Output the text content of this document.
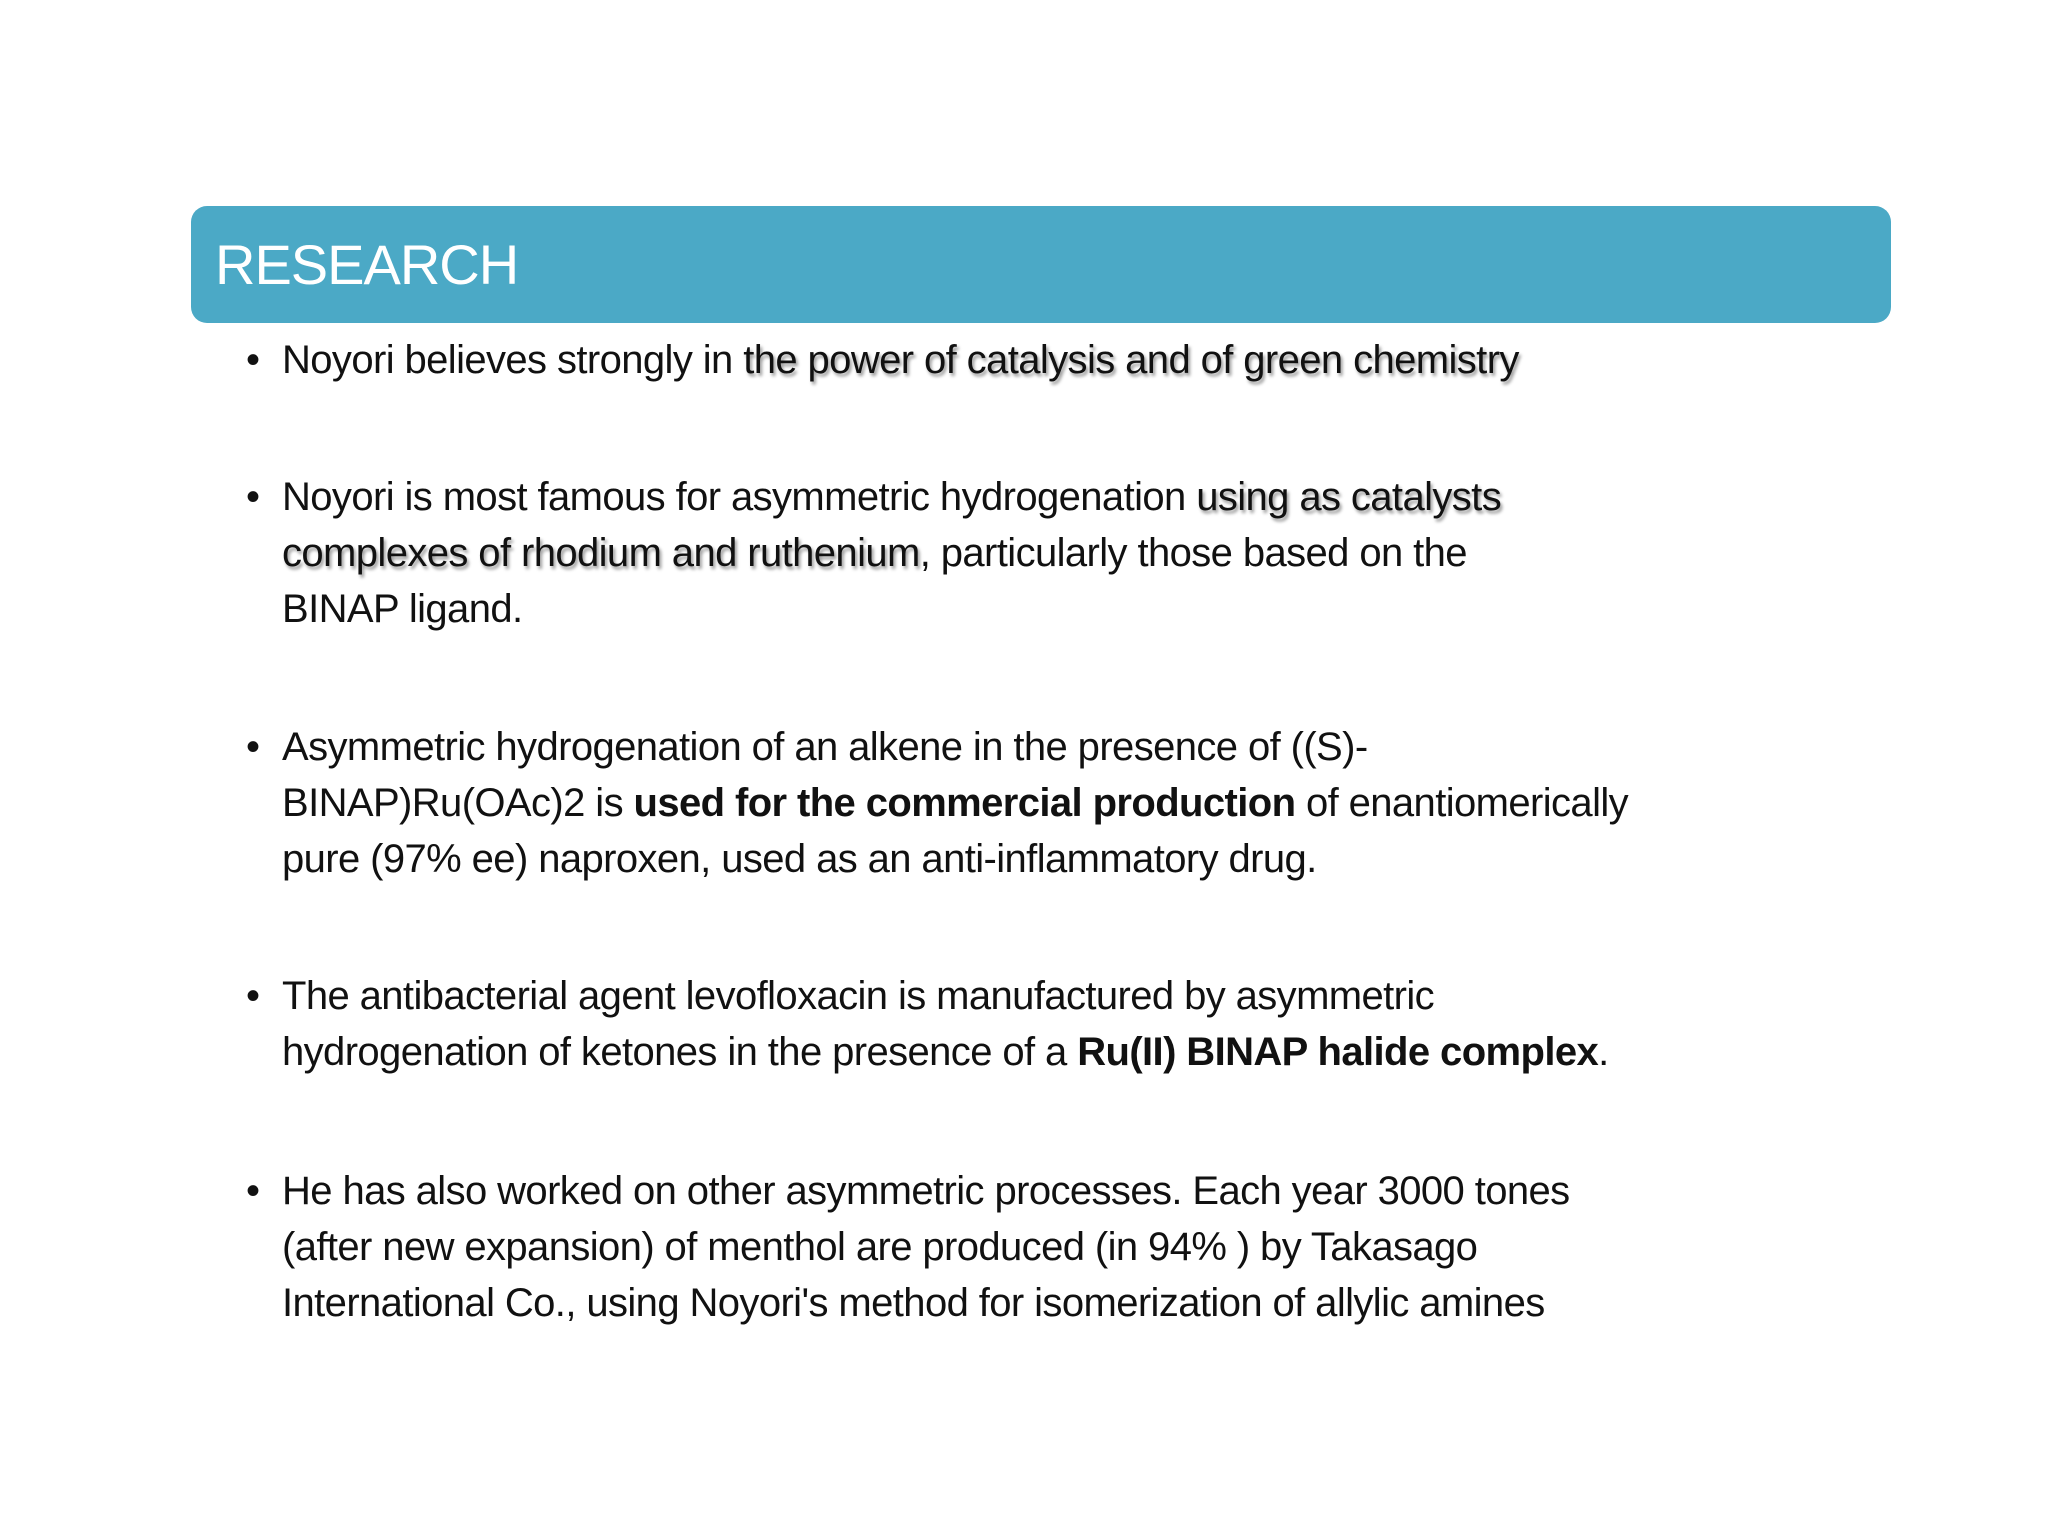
RESEARCH
• Noyori believes strongly in the power of catalysis and of green chemistry
• Noyori is most famous for asymmetric hydrogenation using as catalysts
complexes of rhodium and ruthenium, particularly those based on the
BINAP ligand.
• Asymmetric hydrogenation of an alkene in the presence of ((S)-
BINAP)Ru(OAc)2 is used for the commercial production of enantiomerically
pure (97% ee) naproxen, used as an anti-inflammatory drug.
• The antibacterial agent levofloxacin is manufactured by asymmetric
hydrogenation of ketones in the presence of a Ru(II) BINAP halide complex.
• He has also worked on other asymmetric processes. Each year 3000 tones
(after new expansion) of menthol are produced (in 94% ) by Takasago
International Co., using Noyori's method for isomerization of allylic amines
